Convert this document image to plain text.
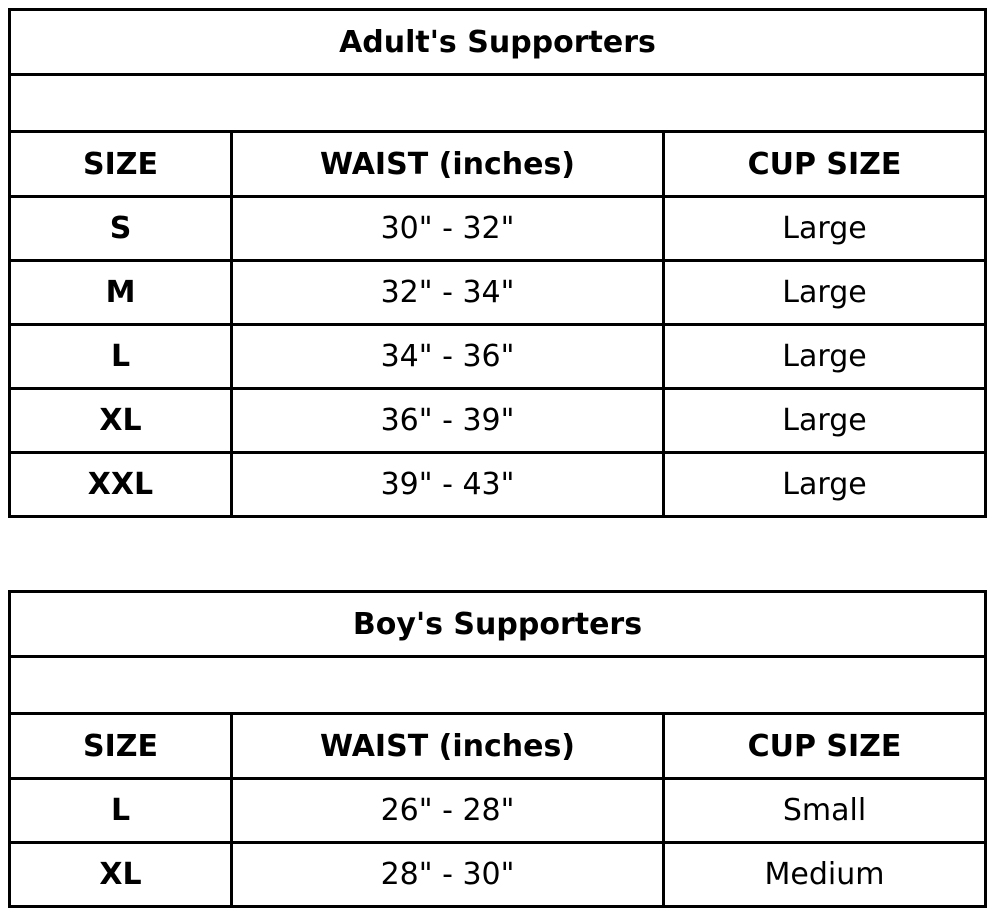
Adult's Supporters		

SIZE	WAIST (inches)	CUP SIZE
S	30" - 32"	Large
M	32" - 34"	Large
L	34" - 36"	Large
XL	36" - 39"	Large
XXL	39" - 43"	Large
Boy's Supporters		

SIZE	WAIST (inches)	CUP SIZE
L	26" - 28"	Small
XL	28" - 30"	Medium
